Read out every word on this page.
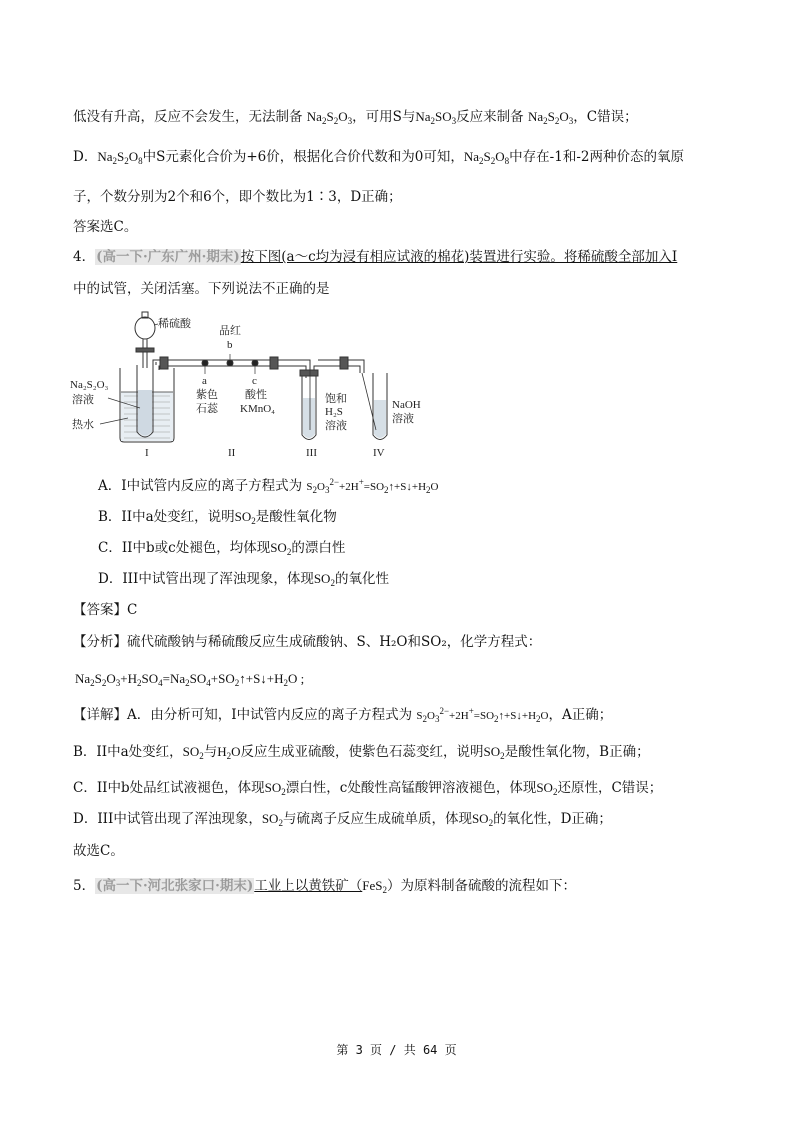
低没有升高，反应不会发生，无法制备 $Na_2S_2O_3$，可用S与$Na_2SO_3$反应来制备 $Na_2S_2O_3$，C错误；
D．$Na_2S_2O_8$中S元素化合价为+6价，根据化合价代数和为0可知，$Na_2S_2O_8$中存在-1和-2两种价态的氧原
子，个数分别为2个和6个，即个数比为1∶3，D正确；
答案选C。
4．(高一下·广东广州·期末)按下图(a～c均为浸有相应试液的棉花)装置进行实验。将稀硫酸全部加入I
中的试管，关闭活塞。下列说法不正确的是
稀硫酸
品红
b
a
紫色
石蕊
c
酸性
KMnO₄
Na₂S₂O₃
溶液
热水
饱和
H₂S
溶液
NaOH
溶液
I	II	III	IV
A．I中试管内反应的离子方程式为 $S_2O_3^{2-}+2H^+=SO_2↑+S↓+H_2O$
B．II中a处变红，说明$SO_2$是酸性氧化物
C．II中b或c处褪色，均体现$SO_2$的漂白性
D．III中试管出现了浑浊现象，体现$SO_2$的氧化性
【答案】C
【分析】硫代硫酸钠与稀硫酸反应生成硫酸钠、S、H₂O和SO₂，化学方程式：
$Na_2S_2O_3+H_2SO_4=Na_2SO_4+SO_2↑+S↓+H_2O$ ;
【详解】A．由分析可知，I中试管内反应的离子方程式为 $S_2O_3^{2-}+2H^+=SO_2↑+S↓+H_2O$，A正确；
B．II中a处变红，$SO_2$与$H_2O$反应生成亚硫酸，使紫色石蕊变红，说明$SO_2$是酸性氧化物，B正确；
C．II中b处品红试液褪色，体现$SO_2$漂白性，c处酸性高锰酸钾溶液褪色，体现$SO_2$还原性，C错误；
D．III中试管出现了浑浊现象，$SO_2$与硫离子反应生成硫单质，体现$SO_2$的氧化性，D正确；
故选C。
5．(高一下·河北张家口·期末)工业上以黄铁矿（FeS$_2$）为原料制备硫酸的流程如下：
第 3 页 / 共 64 页
